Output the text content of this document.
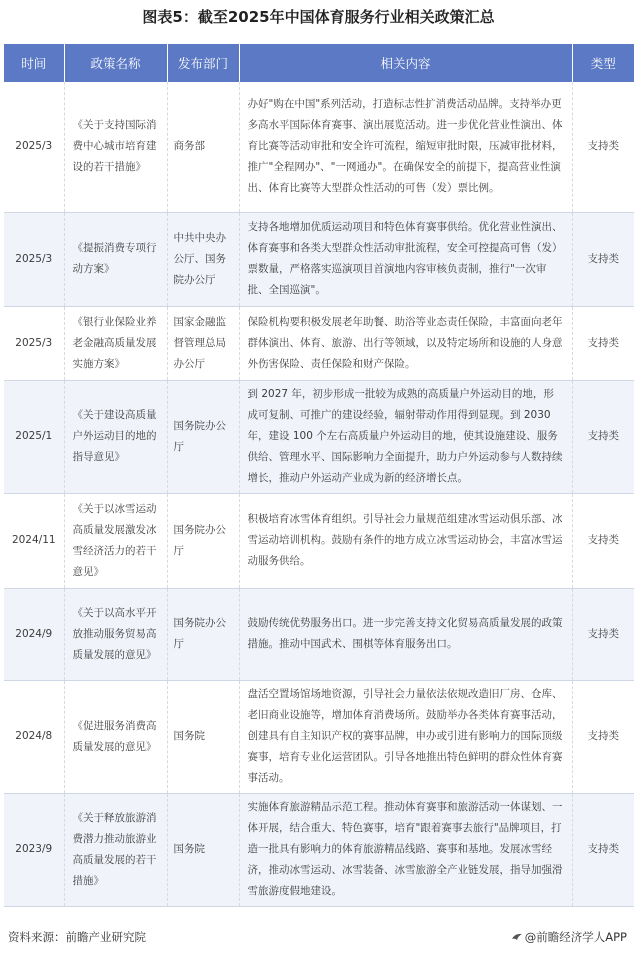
图表5：截至2025年中国体育服务行业相关政策汇总
时间	政策名称	发布部门	相关内容	类型
2025/3	《关于支持国际消费中心城市培育建设的若干措施》	商务部	办好"购在中国"系列活动，打造标志性扩消费活动品牌。支持举办更多高水平国际体育赛事、演出展览活动。进一步优化营业性演出、体育比赛等活动审批和安全许可流程，缩短审批时限，压减审批材料，推广"全程网办"、"一网通办"。在确保安全的前提下，提高营业性演出、体育比赛等大型群众性活动的可售（发）票比例。	支持类
2025/3	《提振消费专项行动方案》	中共中央办公厅、国务院办公厅	支持各地增加优质运动项目和特色体育赛事供给。优化营业性演出、体育赛事和各类大型群众性活动审批流程，安全可控提高可售（发）票数量，严格落实巡演项目首演地内容审核负责制，推行"一次审批、全国巡演"。	支持类
2025/3	《银行业保险业养老金融高质量发展实施方案》	国家金融监督管理总局办公厅	保险机构要积极发展老年助餐、助浴等业态责任保险，丰富面向老年群体演出、体育、旅游、出行等领域，以及特定场所和设施的人身意外伤害保险、责任保险和财产保险。	支持类
2025/1	《关于建设高质量户外运动目的地的指导意见》	国务院办公厅	到 2027 年，初步形成一批较为成熟的高质量户外运动目的地，形成可复制、可推广的建设经验，辐射带动作用得到显现。到 2030 年，建设 100 个左右高质量户外运动目的地，使其设施建设、服务供给、管理水平、国际影响力全面提升，助力户外运动参与人数持续增长，推动户外运动产业成为新的经济增长点。	支持类
2024/11	《关于以冰雪运动高质量发展激发冰雪经济活力的若干意见》	国务院办公厅	积极培育冰雪体育组织。引导社会力量规范组建冰雪运动俱乐部、冰雪运动培训机构。鼓励有条件的地方成立冰雪运动协会，丰富冰雪运动服务供给。	支持类
2024/9	《关于以高水平开放推动服务贸易高质量发展的意见》	国务院办公厅	鼓励传统优势服务出口。进一步完善支持文化贸易高质量发展的政策措施。推动中国武术、围棋等体育服务出口。	支持类
2024/8	《促进服务消费高质量发展的意见》	国务院	盘活空置场馆场地资源，引导社会力量依法依规改造旧厂房、仓库、老旧商业设施等，增加体育消费场所。鼓励举办各类体育赛事活动，创建具有自主知识产权的赛事品牌，申办或引进有影响力的国际顶级赛事，培育专业化运营团队。引导各地推出特色鲜明的群众性体育赛事活动。	支持类
2023/9	《关于释放旅游消费潜力推动旅游业高质量发展的若干措施》	国务院	实施体育旅游精品示范工程。推动体育赛事和旅游活动一体谋划、一体开展，结合重大、特色赛事，培育"跟着赛事去旅行"品牌项目，打造一批具有影响力的体育旅游精品线路、赛事和基地。发展冰雪经济，推动冰雪运动、冰雪装备、冰雪旅游全产业链发展，指导加强滑雪旅游度假地建设。	支持类
资料来源：前瞻产业研究院	@前瞻经济学人APP
